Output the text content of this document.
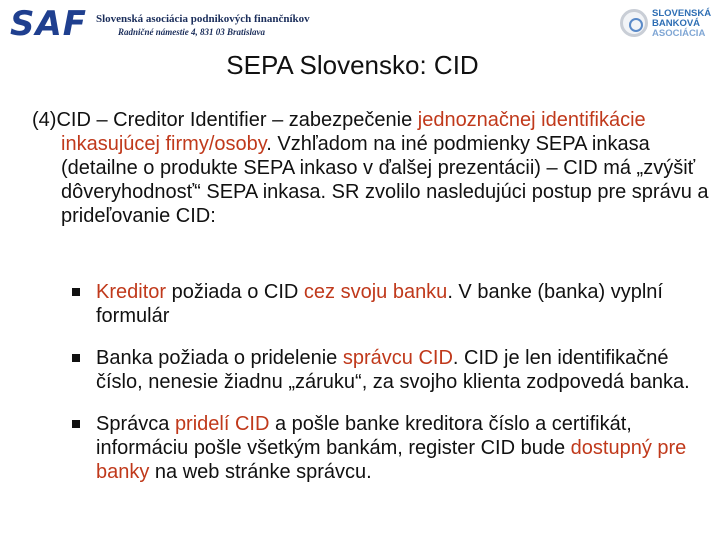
SAF Slovenská asociácia podnikových finančníkov
Radničné námestie 4, 831 03 Bratislava
SLOVENSKÁ
BANKOVÁ
ASOCIÁCIA
SEPA Slovensko: CID
(4)CID – Creditor Identifier – zabezpečenie jednoznačnej identifikácie inkasujúcej firmy/osoby. Vzhľadom na iné podmienky SEPA inkasa (detailne o produkte SEPA inkaso v ďalšej prezentácii) – CID má „zvýšiť dôveryhodnosť“ SEPA inkasa. SR zvolilo nasledujúci postup pre správu a prideľovanie CID:
Kreditor požiada o CID cez svoju banku. V banke (banka) vyplní formulár
Banka požiada o pridelenie správcu CID. CID je len identifikačné číslo, nenesie žiadnu „záruku“, za svojho klienta zodpovedá banka.
Správca pridelí CID a pošle banke kreditora číslo a certifikát, informáciu pošle všetkým bankám, register CID bude dostupný pre banky na web stránke správcu.
